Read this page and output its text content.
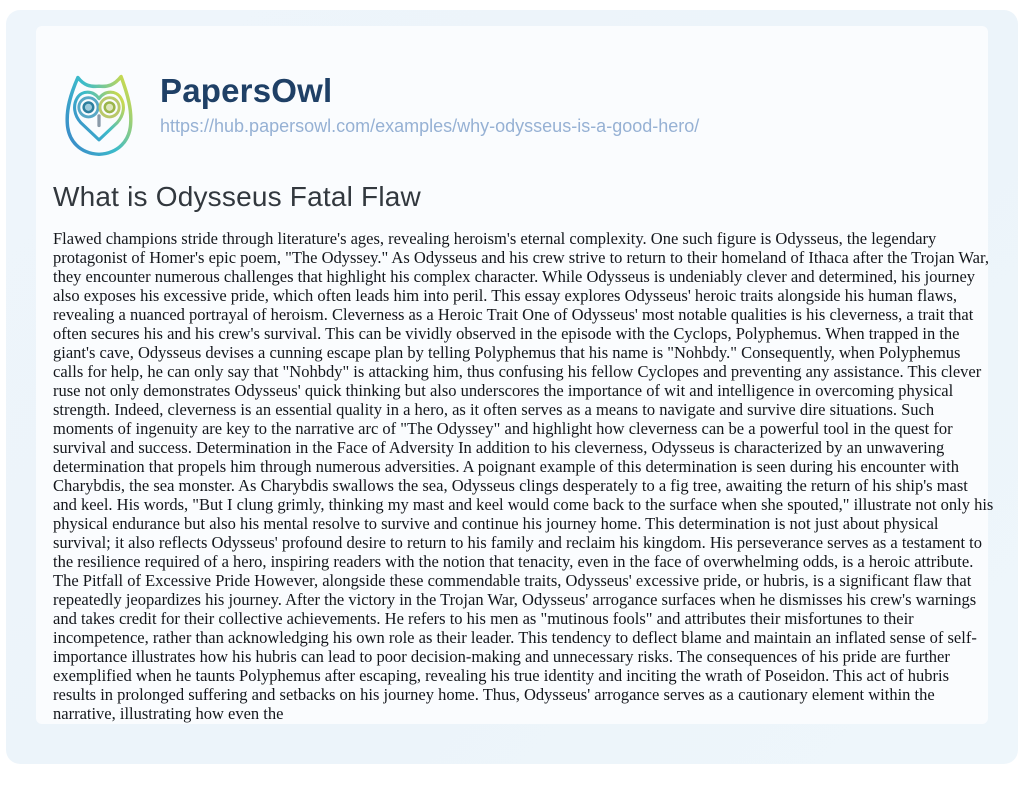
PapersOwl
https://hub.papersowl.com/examples/why-odysseus-is-a-good-hero/
What is Odysseus Fatal Flaw

Flawed champions stride through literature's ages, revealing heroism's eternal complexity. One such figure is Odysseus, the legendary protagonist of Homer's epic poem, "The Odyssey." As Odysseus and his crew strive to return to their homeland of Ithaca after the Trojan War, they encounter numerous challenges that highlight his complex character. While Odysseus is undeniably clever and determined, his journey also exposes his excessive pride, which often leads him into peril. This essay explores Odysseus' heroic traits alongside his human flaws, revealing a nuanced portrayal of heroism. Cleverness as a Heroic Trait One of Odysseus' most notable qualities is his cleverness, a trait that often secures his and his crew's survival. This can be vividly observed in the episode with the Cyclops, Polyphemus. When trapped in the giant's cave, Odysseus devises a cunning escape plan by telling Polyphemus that his name is "Nohbdy." Consequently, when Polyphemus calls for help, he can only say that "Nohbdy" is attacking him, thus confusing his fellow Cyclopes and preventing any assistance. This clever ruse not only demonstrates Odysseus' quick thinking but also underscores the importance of wit and intelligence in overcoming physical strength. Indeed, cleverness is an essential quality in a hero, as it often serves as a means to navigate and survive dire situations. Such moments of ingenuity are key to the narrative arc of "The Odyssey" and highlight how cleverness can be a powerful tool in the quest for survival and success. Determination in the Face of Adversity In addition to his cleverness, Odysseus is characterized by an unwavering determination that propels him through numerous adversities. A poignant example of this determination is seen during his encounter with Charybdis, the sea monster. As Charybdis swallows the sea, Odysseus clings desperately to a fig tree, awaiting the return of his ship's mast and keel. His words, "But I clung grimly, thinking my mast and keel would come back to the surface when she spouted," illustrate not only his physical endurance but also his mental resolve to survive and continue his journey home. This determination is not just about physical survival; it also reflects Odysseus' profound desire to return to his family and reclaim his kingdom. His perseverance serves as a testament to the resilience required of a hero, inspiring readers with the notion that tenacity, even in the face of overwhelming odds, is a heroic attribute. The Pitfall of Excessive Pride However, alongside these commendable traits, Odysseus' excessive pride, or hubris, is a significant flaw that repeatedly jeopardizes his journey. After the victory in the Trojan War, Odysseus' arrogance surfaces when he dismisses his crew's warnings and takes credit for their collective achievements. He refers to his men as "mutinous fools" and attributes their misfortunes to their incompetence, rather than acknowledging his own role as their leader. This tendency to deflect blame and maintain an inflated sense of self-importance illustrates how his hubris can lead to poor decision-making and unnecessary risks. The consequences of his pride are further exemplified when he taunts Polyphemus after escaping, revealing his true identity and inciting the wrath of Poseidon. This act of hubris results in prolonged suffering and setbacks on his journey home. Thus, Odysseus' arrogance serves as a cautionary element within the narrative, illustrating how even the
